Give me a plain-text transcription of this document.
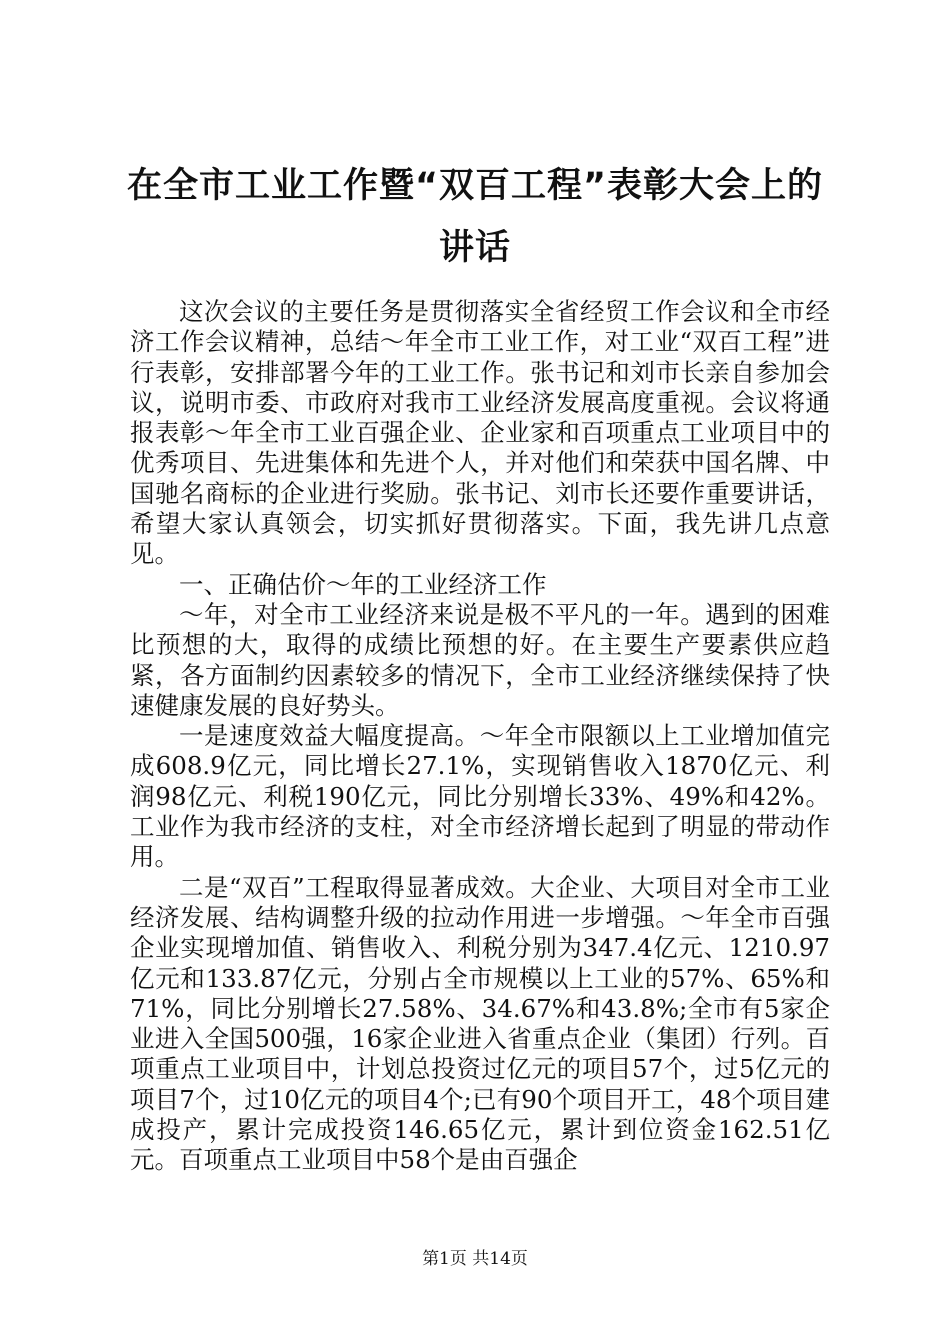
在全市工业工作暨“双百工程”表彰大会上的讲话

这次会议的主要任务是贯彻落实全省经贸工作会议和全市经济工作会议精神，总结～年全市工业工作，对工业“双百工程”进行表彰，安排部署今年的工业工作。张书记和刘市长亲自参加会议，说明市委、市政府对我市工业经济发展高度重视。会议将通报表彰～年全市工业百强企业、企业家和百项重点工业项目中的优秀项目、先进集体和先进个人，并对他们和荣获中国名牌、中国驰名商标的企业进行奖励。张书记、刘市长还要作重要讲话，希望大家认真领会，切实抓好贯彻落实。下面，我先讲几点意见。

一、正确估价～年的工业经济工作

～年，对全市工业经济来说是极不平凡的一年。遇到的困难比预想的大，取得的成绩比预想的好。在主要生产要素供应趋紧，各方面制约因素较多的情况下，全市工业经济继续保持了快速健康发展的良好势头。

一是速度效益大幅度提高。～年全市限额以上工业增加值完成608.9亿元，同比增长27.1%，实现销售收入1870亿元、利润98亿元、利税190亿元，同比分别增长33%、49%和42%。工业作为我市经济的支柱，对全市经济增长起到了明显的带动作用。

二是“双百”工程取得显著成效。大企业、大项目对全市工业经济发展、结构调整升级的拉动作用进一步增强。～年全市百强企业实现增加值、销售收入、利税分别为347.4亿元、1210.97亿元和133.87亿元，分别占全市规模以上工业的57%、65%和71%，同比分别增长27.58%、34.67%和43.8%;全市有5家企业进入全国500强，16家企业进入省重点企业（集团）行列。百项重点工业项目中，计划总投资过亿元的项目57个，过5亿元的项目7个，过10亿元的项目4个;已有90个项目开工，48个项目建成投产，累计完成投资146.65亿元，累计到位资金162.51亿元。百项重点工业项目中58个是由百强企

第1页 共14页
